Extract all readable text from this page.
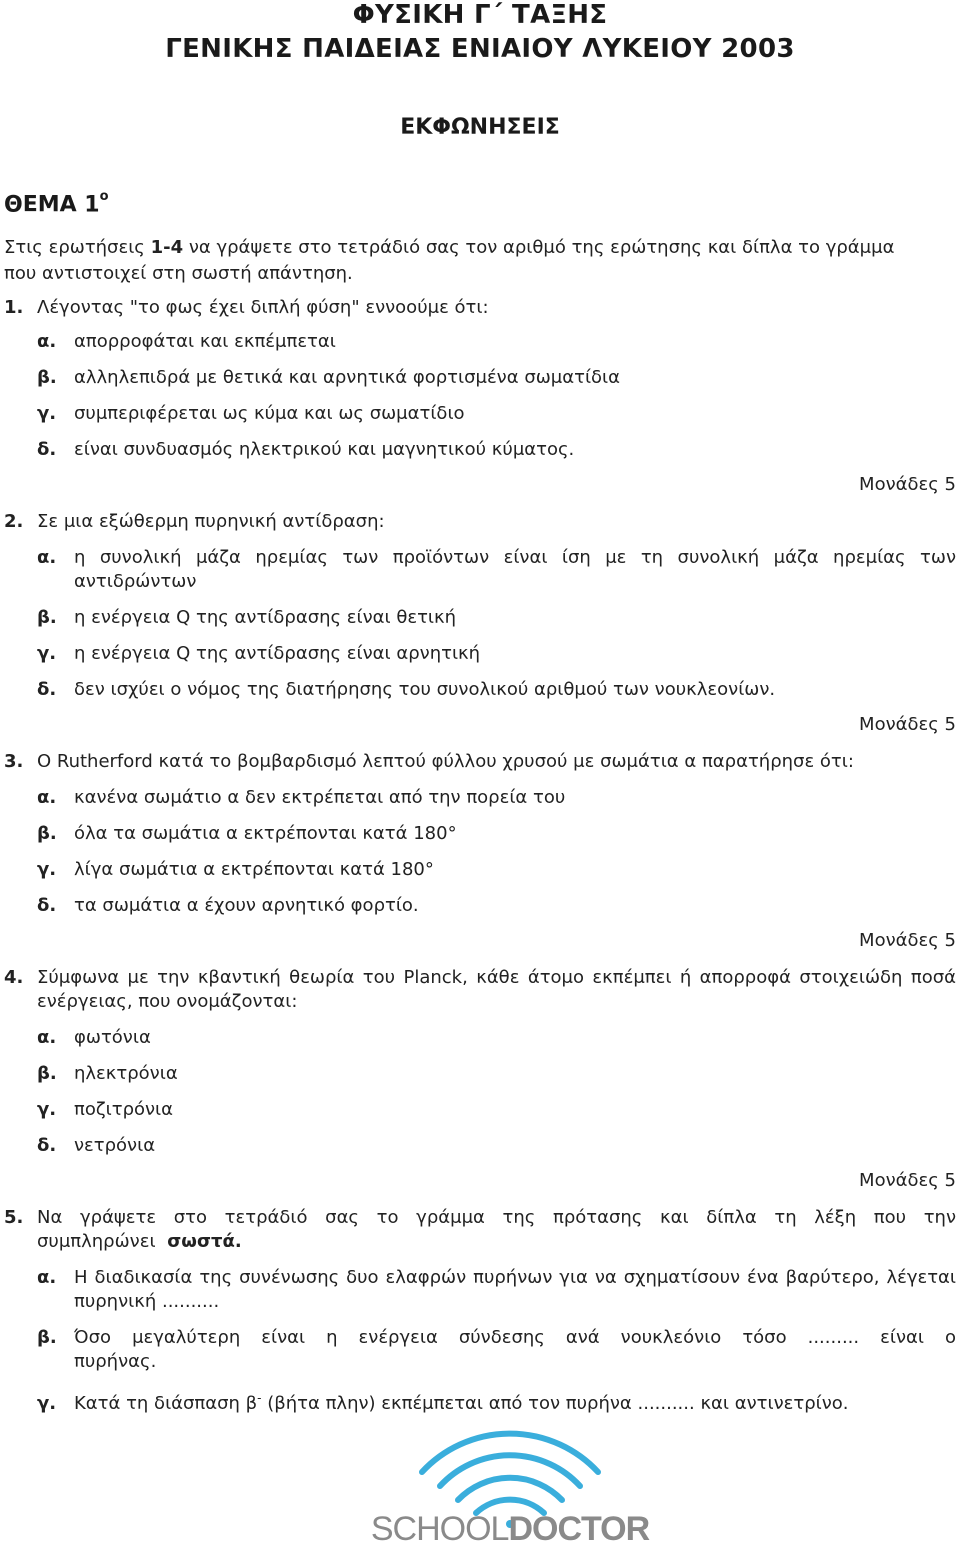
ΦΥΣΙΚΗ Γ΄ ΤΑΞΗΣ
ΓΕΝΙΚΗΣ ΠΑΙΔΕΙΑΣ ΕΝΙΑΙΟΥ ΛΥΚΕΙΟΥ 2003
ΕΚΦΩΝΗΣΕΙΣ
ΘΕΜΑ $1^o$
Στις ερωτήσεις 1-4 να γράψετε στο τετράδιό σας τον αριθμό της ερώτησης και δίπλα το γράμμα
που αντιστοιχεί στη σωστή απάντηση.
1. Λέγοντας "το φως έχει διπλή φύση" εννοούμε ότι:
α. απορροφάται και εκπέμπεται
β. αλληλεπιδρά με θετικά και αρνητικά φορτισμένα σωματίδια
γ. συμπεριφέρεται ως κύμα και ως σωματίδιο
δ. είναι συνδυασμός ηλεκτρικού και μαγνητικού κύματος.
Μονάδες 5
2. Σε μια εξώθερμη πυρηνική αντίδραση:
α. η συνολική μάζα ηρεμίας των προϊόντων είναι ίση με τη συνολική μάζα ηρεμίας των αντιδρώντων
β. η ενέργεια Q της αντίδρασης είναι θετική
γ. η ενέργεια Q της αντίδρασης είναι αρνητική
δ. δεν ισχύει ο νόμος της διατήρησης του συνολικού αριθμού των νουκλεονίων.
Μονάδες 5
3. Ο Rutherford κατά το βομβαρδισμό λεπτού φύλλου χρυσού με σωμάτια α παρατήρησε ότι:
α. κανένα σωμάτιο α δεν εκτρέπεται από την πορεία του
β. όλα τα σωμάτια α εκτρέπονται κατά 180°
γ. λίγα σωμάτια α εκτρέπονται κατά 180°
δ. τα σωμάτια α έχουν αρνητικό φορτίο.
Μονάδες 5
4. Σύμφωνα με την κβαντική θεωρία του Planck, κάθε άτομο εκπέμπει ή απορροφά στοιχειώδη ποσά ενέργειας, που ονομάζονται:
α. φωτόνια
β. ηλεκτρόνια
γ. ποζιτρόνια
δ. νετρόνια
Μονάδες 5
5. Να γράψετε στο τετράδιό σας το γράμμα της πρότασης και δίπλα τη λέξη που την συμπληρώνει σωστά.
α. Η διαδικασία της συνένωσης δυο ελαφρών πυρήνων για να σχηματίσουν ένα βαρύτερο, λέγεται πυρηνική ..........
β. Όσο μεγαλύτερη είναι η ενέργεια σύνδεσης ανά νουκλεόνιο τόσο ......... είναι ο πυρήνας.
γ. Κατά τη διάσπαση β- (βήτα πλην) εκπέμπεται από τον πυρήνα .......... και αντινετρίνο.
SCHOOLDOCTOR
